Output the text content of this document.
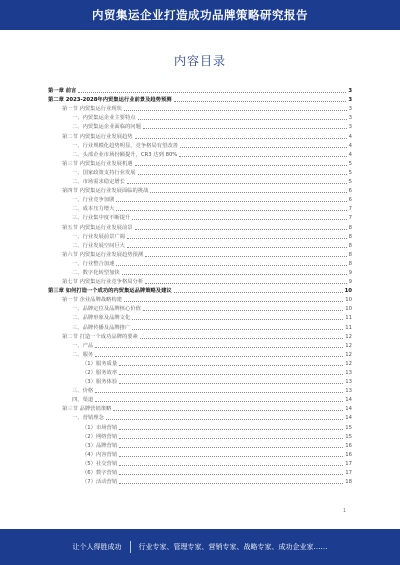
内贸集运企业打造成功品牌策略研究报告
内容目录
第一章 前言	3
第二章 2023-2028年内贸集运行业前景及趋势预测	3
第一节 内贸集运行业现状	3
一、内贸集运企业主要特点	3
二、内贸集运企业面临的问题	3
第二节 内贸集运行业发展趋势	4
一、行业规模化趋势明显，竞争格局有望改善	4
二、头部企业市场份额提升，CR3 达到 80%	4
第三节 内贸集运行业发展机遇	5
一、国家政策支持行业发展	5
二、市场需求稳定增长	5
第四节 内贸集运行业发展面临的挑战	6
一、行业竞争加剧	6
二、成本压力增大	7
三、行业集中度不断提升	7
第五节 内贸集运行业发展前景	8
一、行业发展前景广阔	8
二、行业发展空间巨大	8
第六节 内贸集运行业发展趋势预测	8
一、行业整合加速	8
二、数字化转型加快	9
第七节 内贸集运行业竞争格局分析	9
第三章 如何打造一个成功的内贸集运品牌策略及建议	10
第一节 企业品牌战略构建	10
一、品牌定位及品牌核心价值	10
二、品牌形象及品牌文化	11
三、品牌传播及品牌推广	11
第二节 打造一个成功品牌的要素	12
一、产品	12
二、服务	12
（1）服务质量	12
（2）服务效率	13
（3）服务体验	13
三、价格	13
四、渠道	14
第三节 品牌营销策略	14
一、营销理念	14
（1）市场营销	15
（2）网络营销	15
（3）品牌营销	16
（4）内容营销	16
（5）社交营销	17
（6）数字营销	17
（7）活动营销	18
1
让个人得胜成功 行业专家、管理专家、营销专家、战略专家、成功企业家……
